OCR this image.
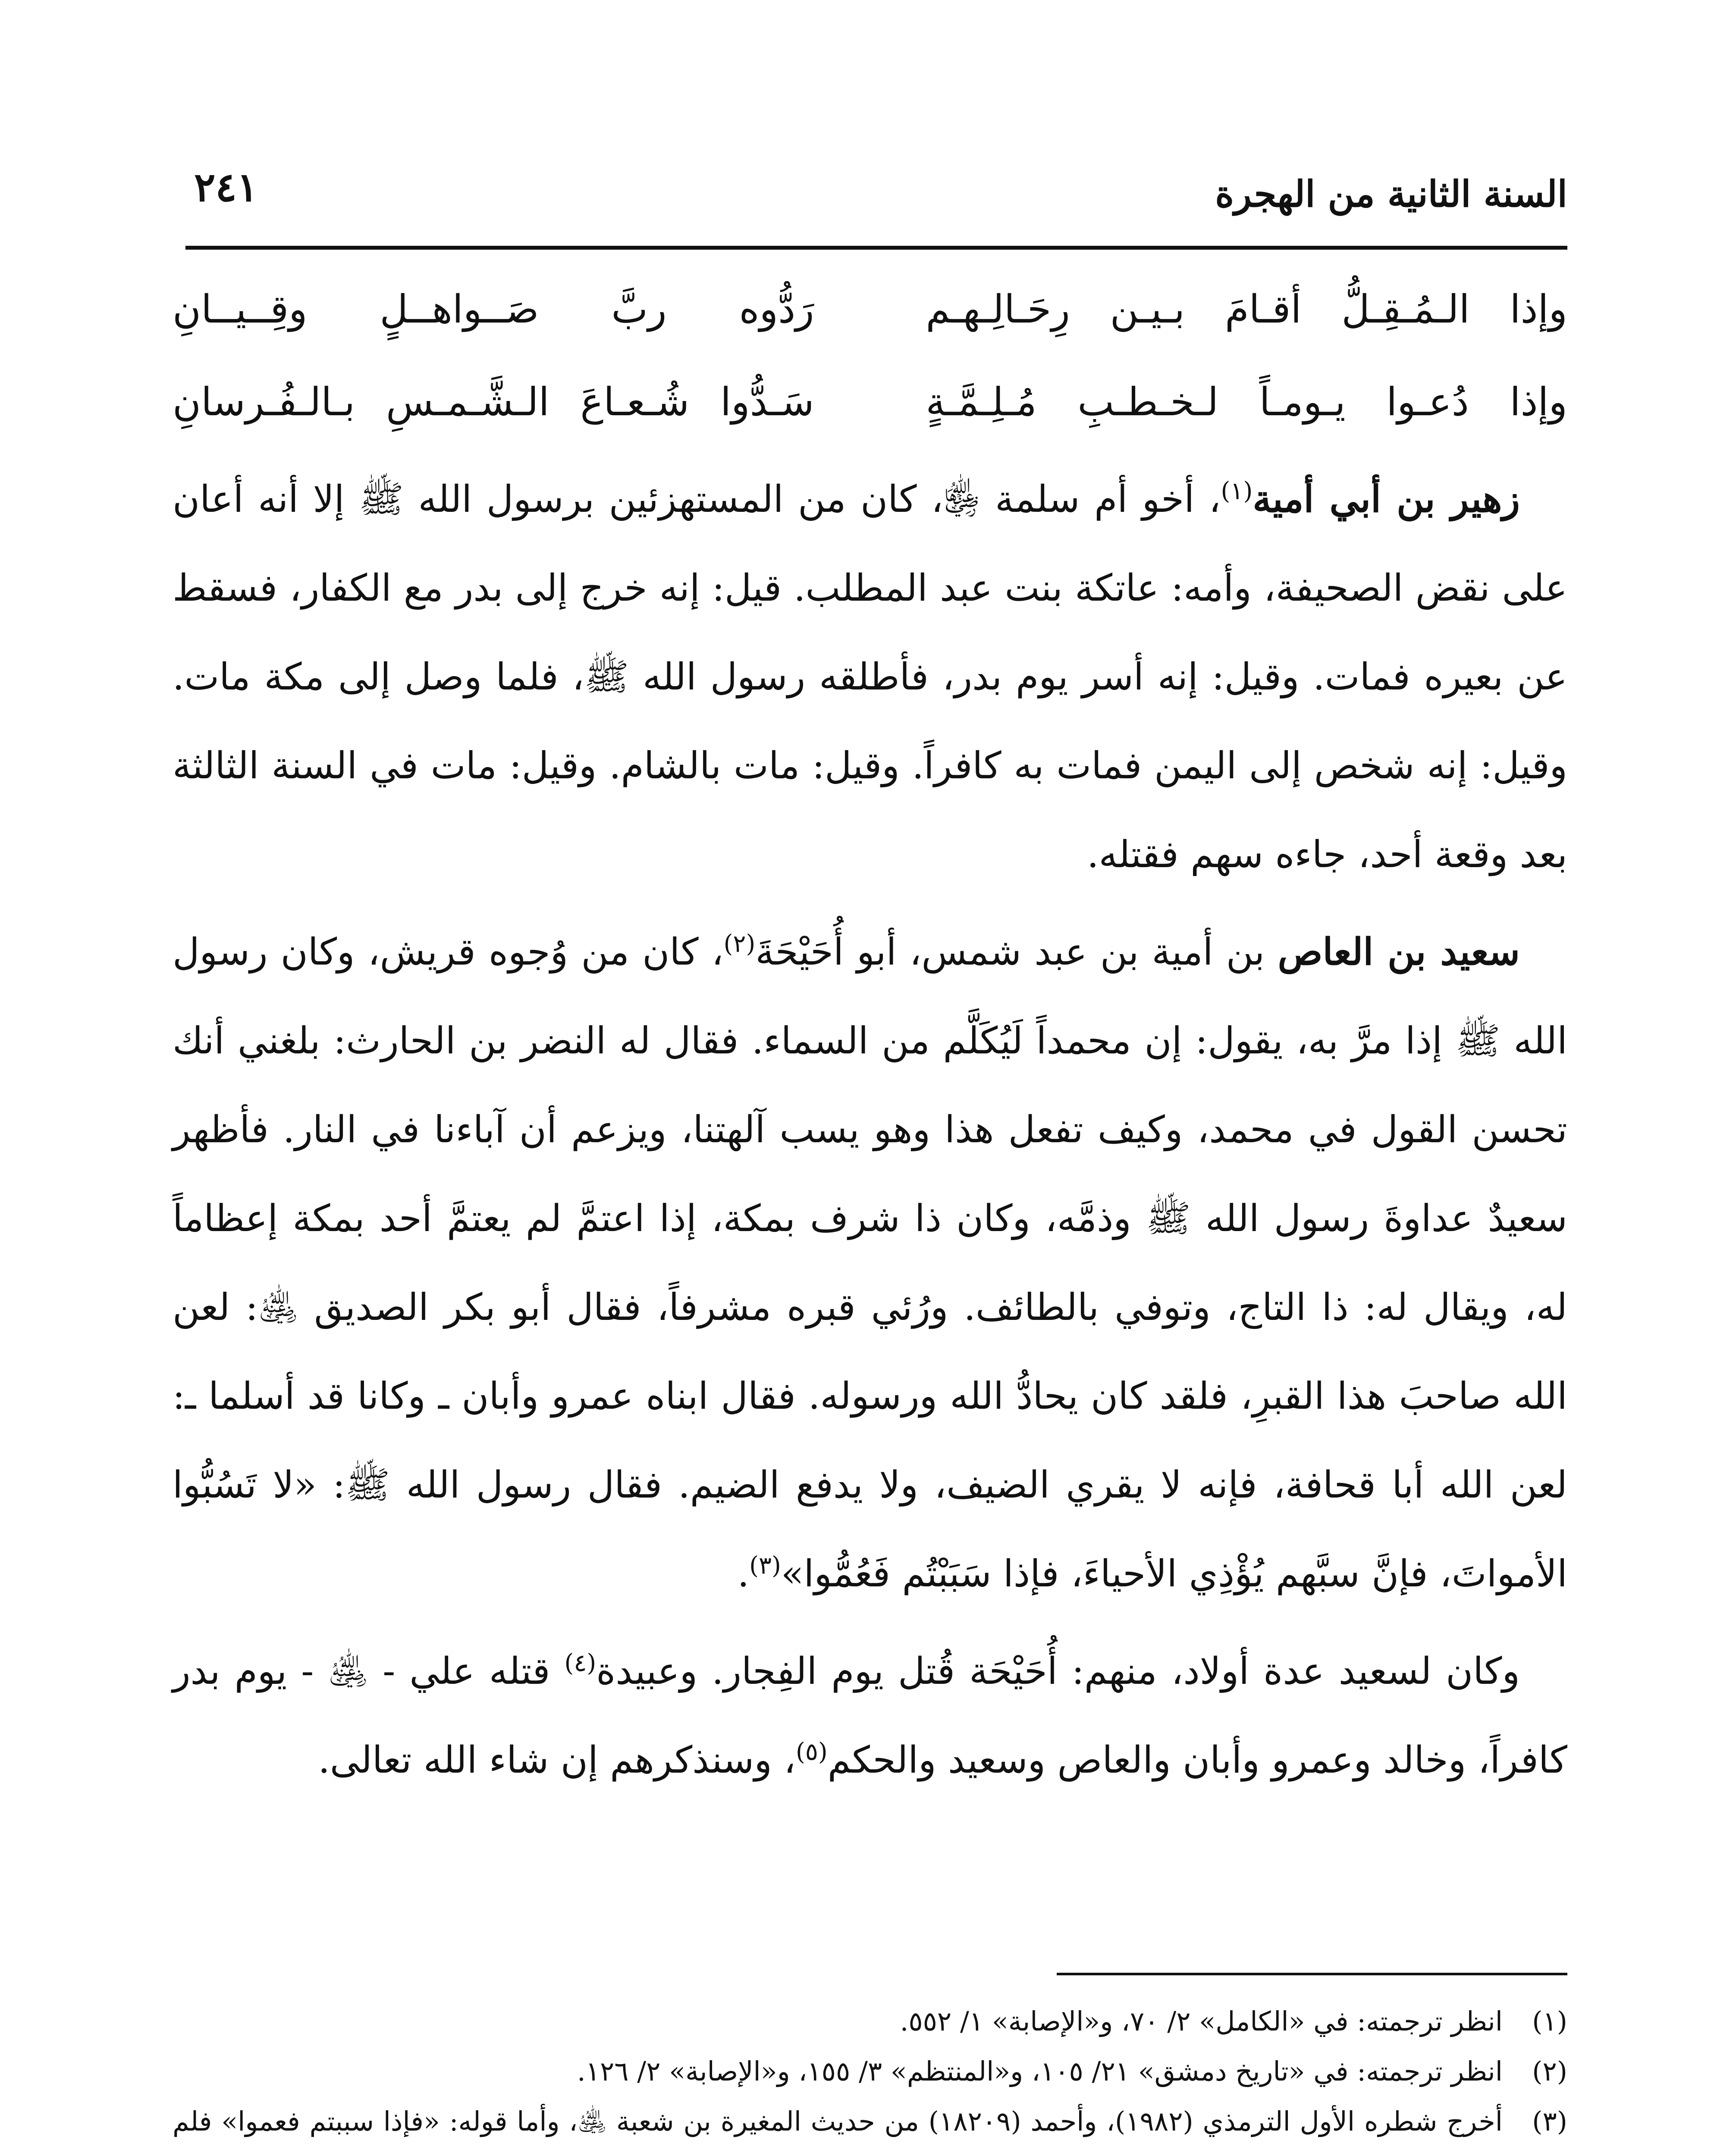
السنة الثانية من الهجرة
٢٤١
وإذا الـمُـقِـلُّ أقـامَ بـيـن رِحَـالِـهـم
رَدُّوه ربَّ صَــواهــلٍ وقِــيــانِ
وإذا دُعـوا يـومـاً لـخـطـبِ مُـلِـمَّـةٍ
سَـدُّوا شُـعـاعَ الـشَّـمـسِ بـالـفُـرسانِ

زهير بن أبي أمية$^{(١)}$، أخو أم سلمة ﵂، كان من المستهزئين برسول الله ﷺ إلا أنه أعان على نقض الصحيفة، وأمه: عاتكة بنت عبد المطلب. قيل: إنه خرج إلى بدر مع الكفار، فسقط عن بعيره فمات. وقيل: إنه أسر يوم بدر، فأطلقه رسول الله ﷺ، فلما وصل إلى مكة مات. وقيل: إنه شخص إلى اليمن فمات به كافراً. وقيل: مات بالشام. وقيل: مات في السنة الثالثة بعد وقعة أحد، جاءه سهم فقتله.

سعيد بن العاص بن أمية بن عبد شمس، أبو أُحَيْحَةَ$^{(٢)}$، كان من وُجوه قريش، وكان رسول الله ﷺ إذا مرَّ به، يقول: إن محمداً لَيُكَلَّم من السماء. فقال له النضر بن الحارث: بلغني أنك تحسن القول في محمد، وكيف تفعل هذا وهو يسب آلهتنا، ويزعم أن آباءنا في النار. فأظهر سعيدٌ عداوةَ رسول الله ﷺ وذمَّه، وكان ذا شرف بمكة، إذا اعتمَّ لم يعتمَّ أحد بمكة إعظاماً له، ويقال له: ذا التاج، وتوفي بالطائف. ورُئي قبره مشرفاً، فقال أبو بكر الصديق ﵁: لعن الله صاحبَ هذا القبرِ، فلقد كان يحادُّ الله ورسوله. فقال ابناه عمرو وأبان ـ وكانا قد أسلما ـ: لعن الله أبا قحافة، فإنه لا يقري الضيف، ولا يدفع الضيم. فقال رسول الله ﷺ: «لا تَسُبُّوا الأمواتَ، فإنَّ سبَّهم يُؤْذِي الأحياءَ، فإذا سَبَبْتُم فَعُمُّوا»$^{(٣)}$.

وكان لسعيد عدة أولاد، منهم: أُحَيْحَة قُتل يوم الفِجار. وعبيدة$^{(٤)}$ قتله علي - ﵁ - يوم بدر كافراً، وخالد وعمرو وأبان والعاص وسعيد والحكم$^{(٥)}$، وسنذكرهم إن شاء الله تعالى.

(١)
انظر ترجمته: في «الكامل» ٢/ ٧٠، و«الإصابة» ١/ ٥٥٢.

(٢)
انظر ترجمته: في «تاريخ دمشق» ٢١/ ١٠٥، و«المنتظم» ٣/ ١٥٥، و«الإصابة» ٢/ ١٢٦.

(٣)
أخرج شطره الأول الترمذي (١٩٨٢)، وأحمد (١٨٢٠٩) من حديث المغيرة بن شعبة ﵁، وأما قوله: «فإذا سببتم فعموا» فلم
